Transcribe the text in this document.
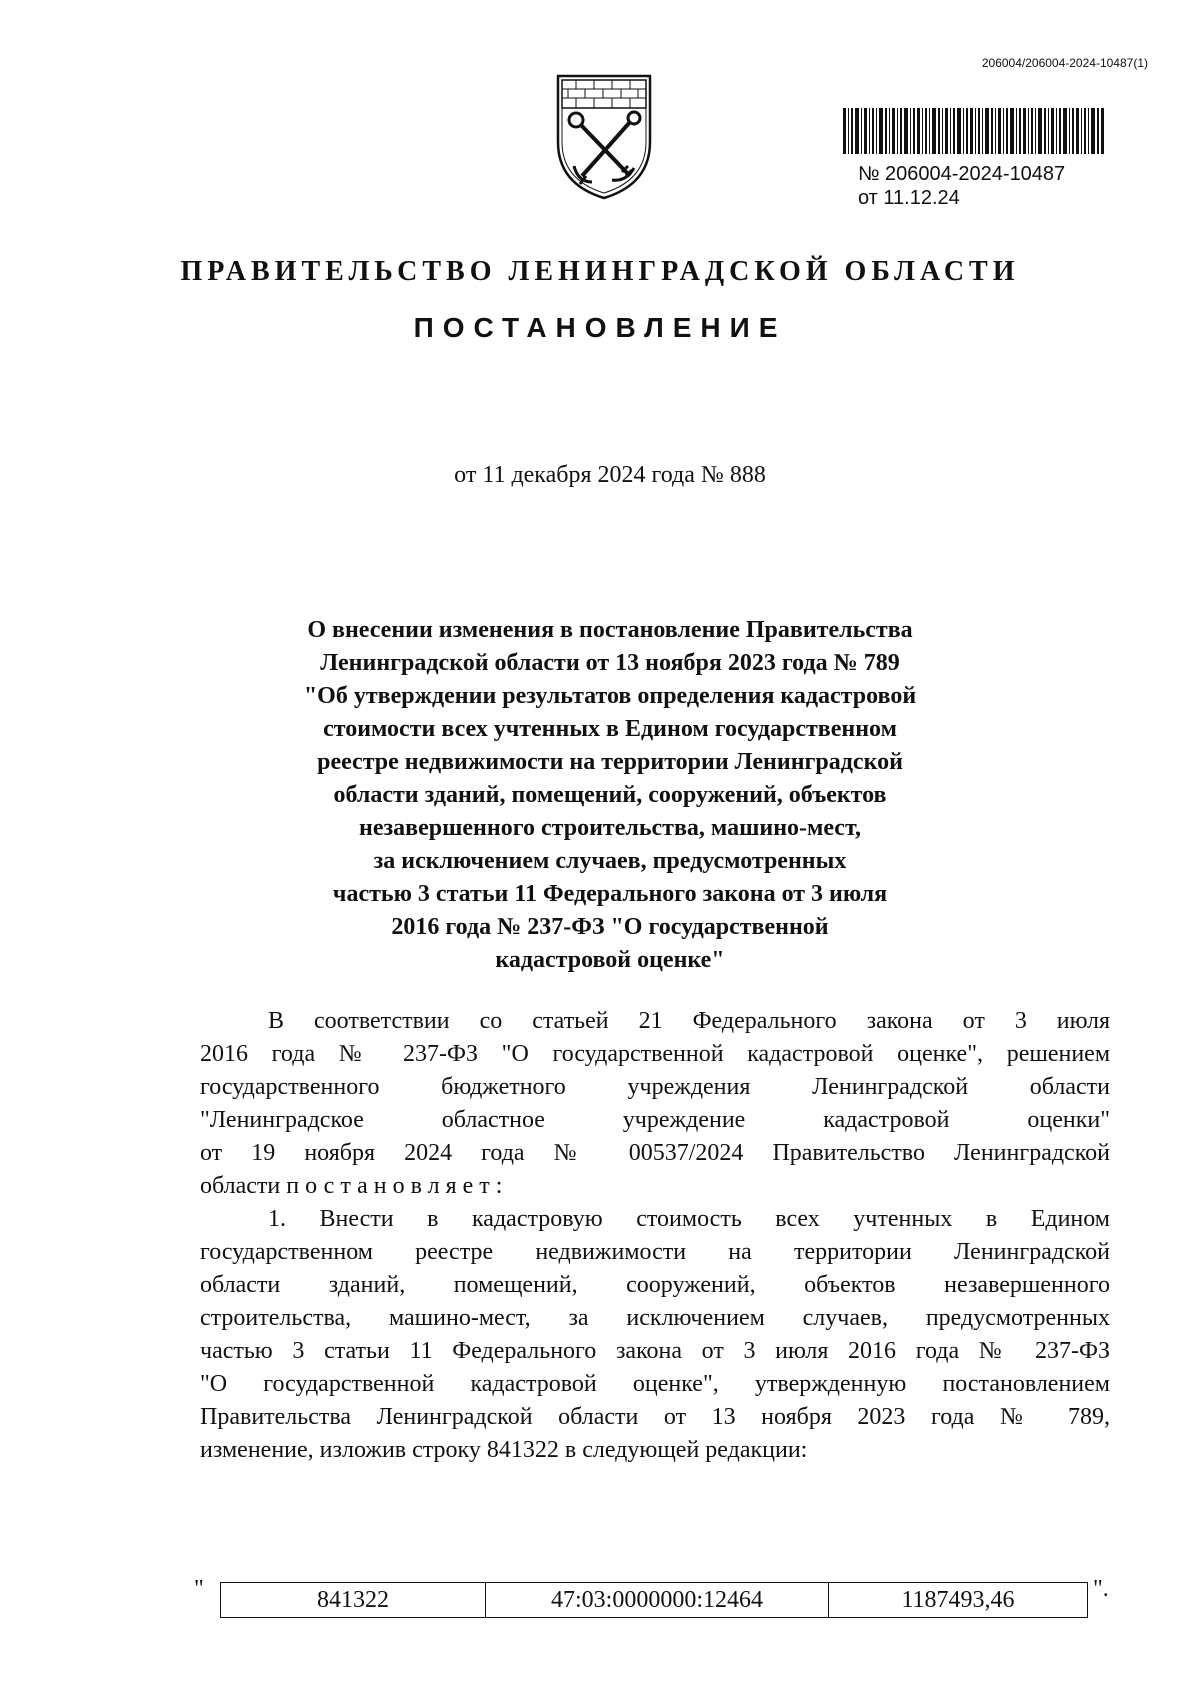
206004/206004-2024-10487(1)
№ 206004-2024-10487
от 11.12.24
ПРАВИТЕЛЬСТВО ЛЕНИНГРАДСКОЙ ОБЛАСТИ
ПОСТАНОВЛЕНИЕ
от 11 декабря 2024 года № 888
О внесении изменения в постановление Правительства
Ленинградской области от 13 ноября 2023 года № 789
"Об утверждении результатов определения кадастровой
стоимости всех учтенных в Едином государственном
реестре недвижимости на территории Ленинградской
области зданий, помещений, сооружений, объектов
незавершенного строительства, машино-мест,
за исключением случаев, предусмотренных
частью 3 статьи 11 Федерального закона от 3 июля
2016 года № 237-ФЗ "О государственной
кадастровой оценке"
В соответствии со статьей 21 Федерального закона от 3 июля
2016 года № 237-ФЗ "О государственной кадастровой оценке", решением
государственного бюджетного учреждения Ленинградской области
"Ленинградское областное учреждение кадастровой оценки"
от 19 ноября 2024 года № 00537/2024 Правительство Ленинградской
области постановляет:
1. Внести в кадастровую стоимость всех учтенных в Едином
государственном реестре недвижимости на территории Ленинградской
области зданий, помещений, сооружений, объектов незавершенного
строительства, машино-мест, за исключением случаев, предусмотренных
частью 3 статьи 11 Федерального закона от 3 июля 2016 года № 237-ФЗ
"О государственной кадастровой оценке", утвержденную постановлением
Правительства Ленинградской области от 13 ноября 2023 года № 789,
изменение, изложив строку 841322 в следующей редакции:
"	841322	47:03:0000000:12464	1187493,46	".
